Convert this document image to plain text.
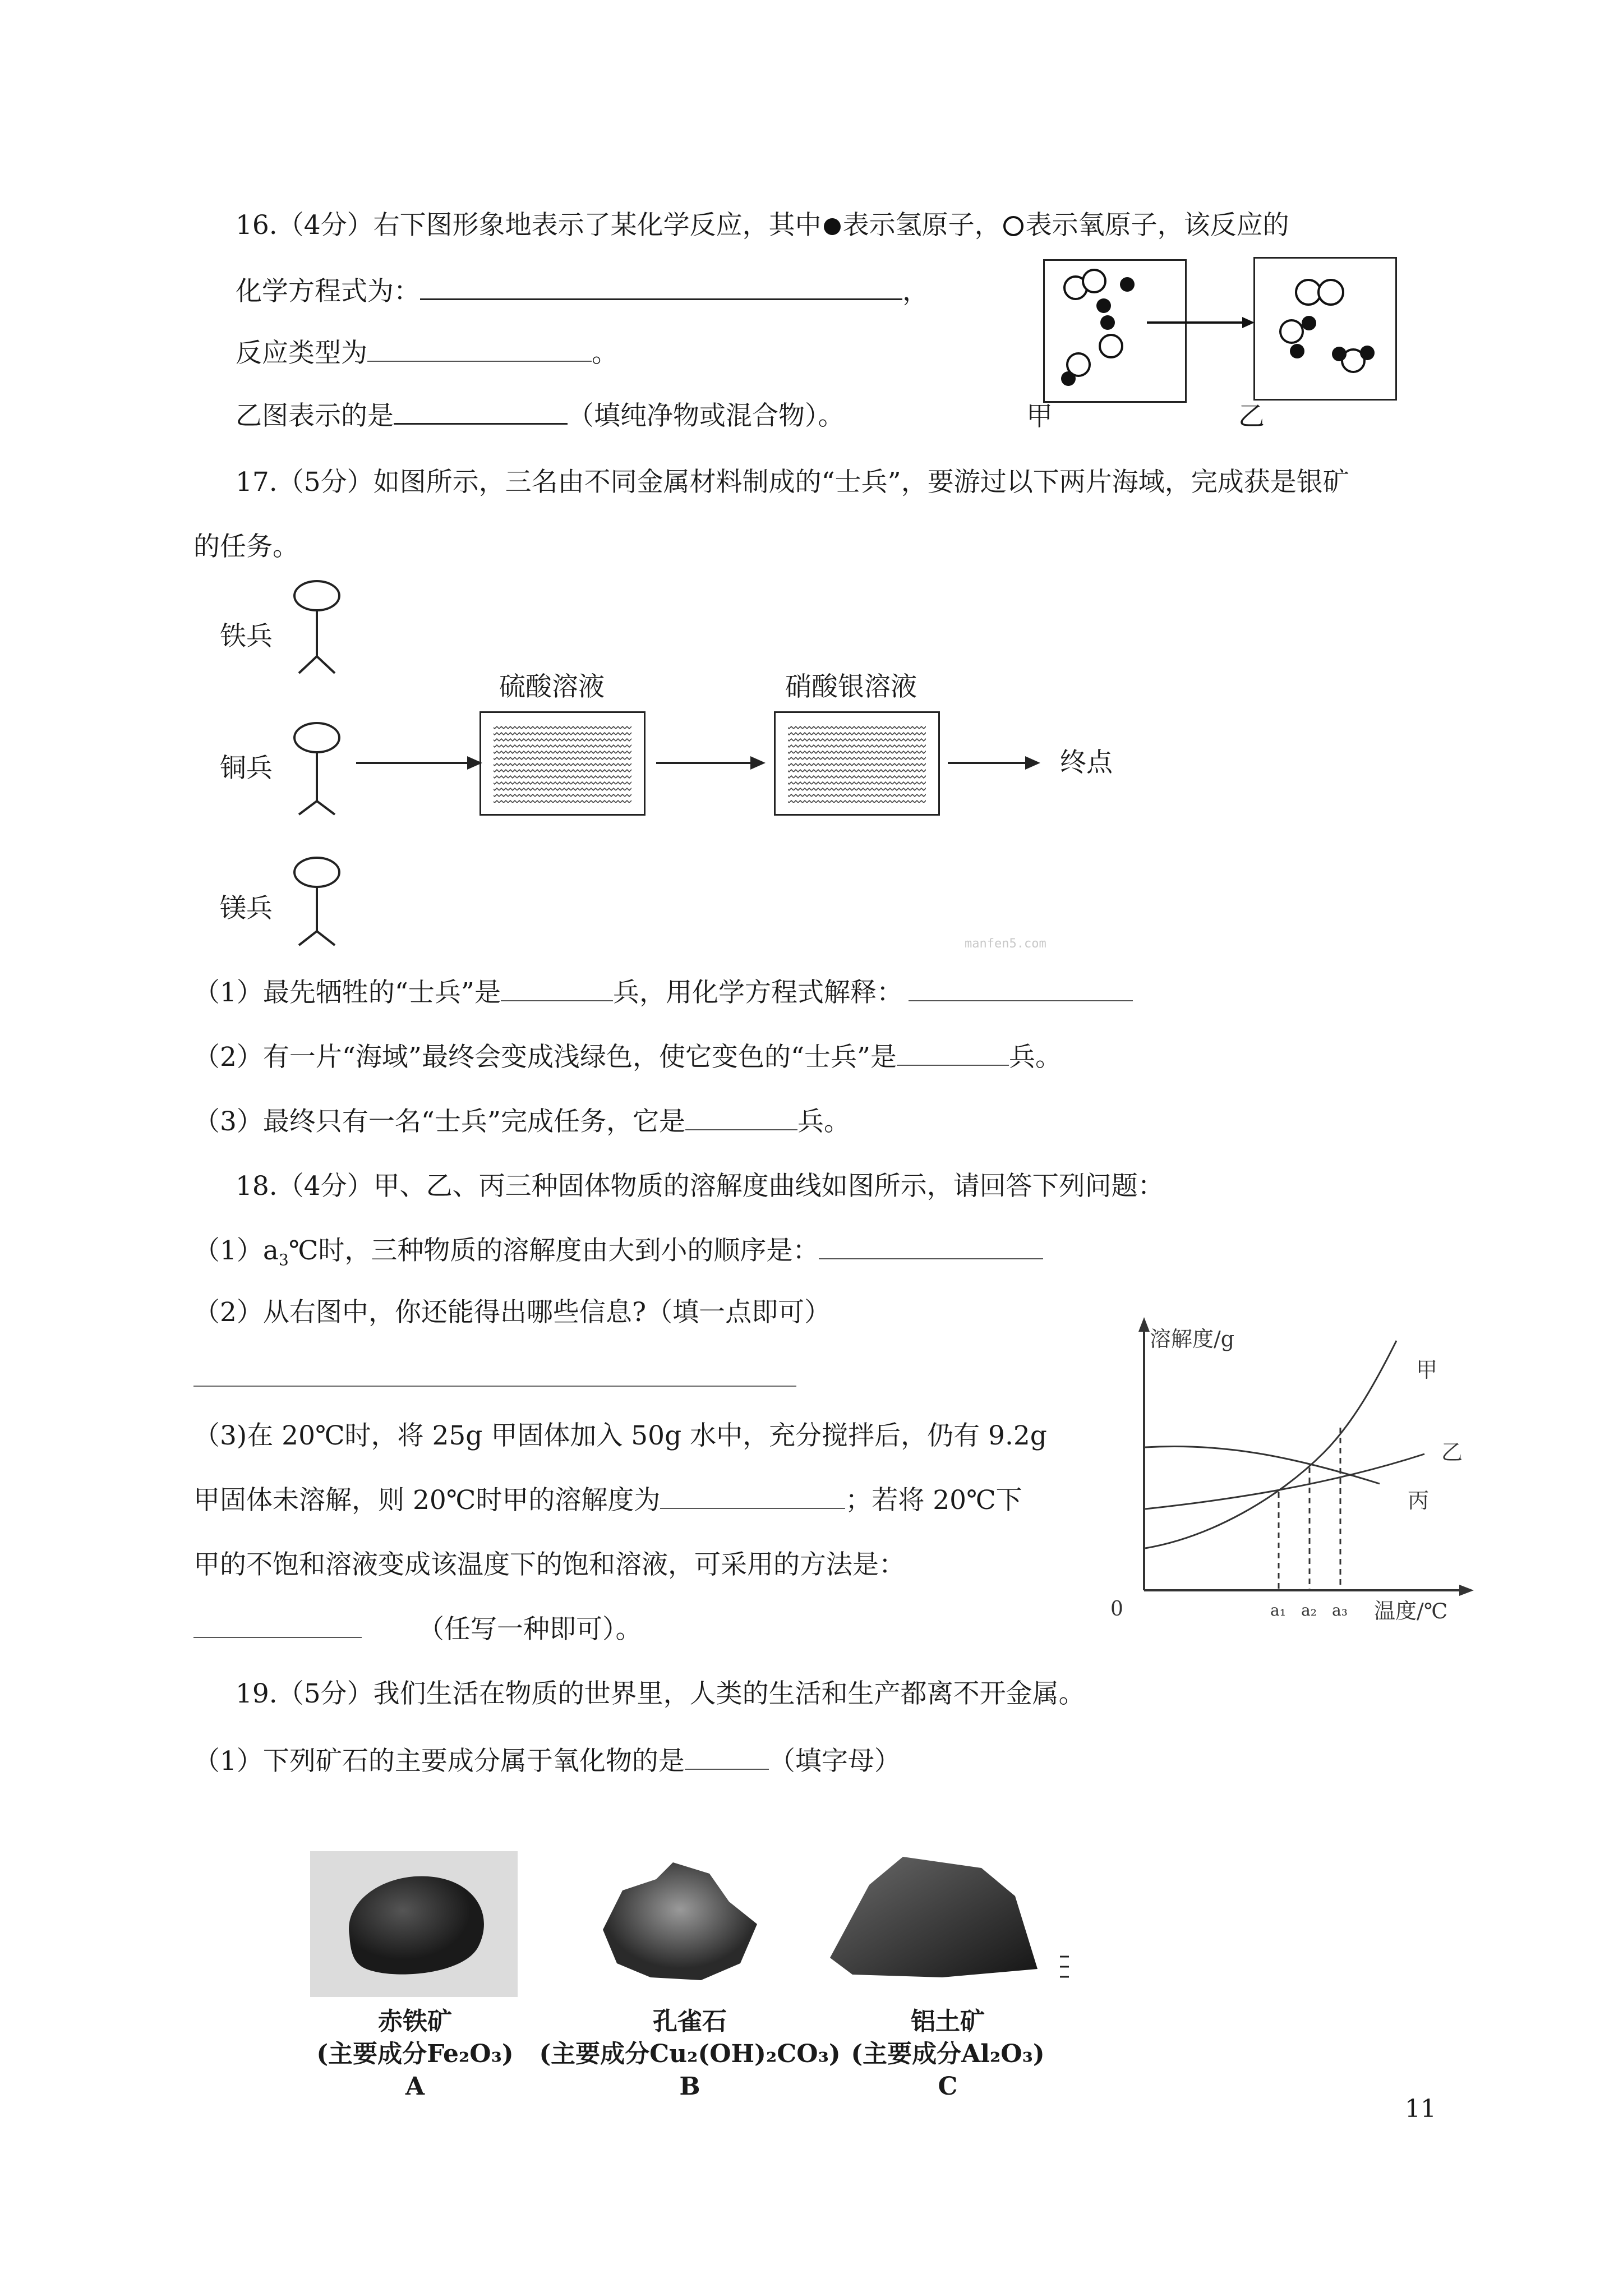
16.（4分）右下图形象地表示了某化学反应，其中 表示氢原子， 表示氧原子，该反应的
化学方程式为：	，
反应类型为	。
乙图表示的是	（填纯净物或混合物）。	甲	乙
17.（5分）如图所示，三名由不同金属材料制成的“士兵”，要游过以下两片海域，完成获是银矿
的任务。
铁兵
铜兵
镁兵
硫酸溶液	硝酸银溶液
终点
manfen5.com
（1）最先牺牲的“士兵”是	兵，用化学方程式解释：
（2）有一片“海域”最终会变成浅绿色，使它变色的“士兵”是	兵。
（3）最终只有一名“士兵”完成任务，它是	兵。
18.（4分）甲、乙、丙三种固体物质的溶解度曲线如图所示，请回答下列问题：
$(1)a_3℃$时，三种物质的溶解度由大到小的顺序是：
（2）从右图中，你还能得出哪些信息?（填一点即可）
（3)在 20℃时，将 25g 甲固体加入 50g 水中，充分搅拌后，仍有 9.2g
甲固体未溶解，则 20℃时甲的溶解度为	；若将 20℃下
甲的不饱和溶液变成该温度下的饱和溶液，可采用的方法是：
（任写一种即可）。
溶解度/g
温度/℃
0
甲
乙
丙
a₁ a₂ a₃
19.（5分）我们生活在物质的世界里，人类的生活和生产都离不开金属。
（1）下列矿石的主要成分属于氧化物的是	（填字母）
赤铁矿
(主要成分Fe₂O₃)
A
孔雀石
(主要成分Cu₂(OH)₂CO₃)
B
铝土矿
(主要成分Al₂O₃)
C
11
